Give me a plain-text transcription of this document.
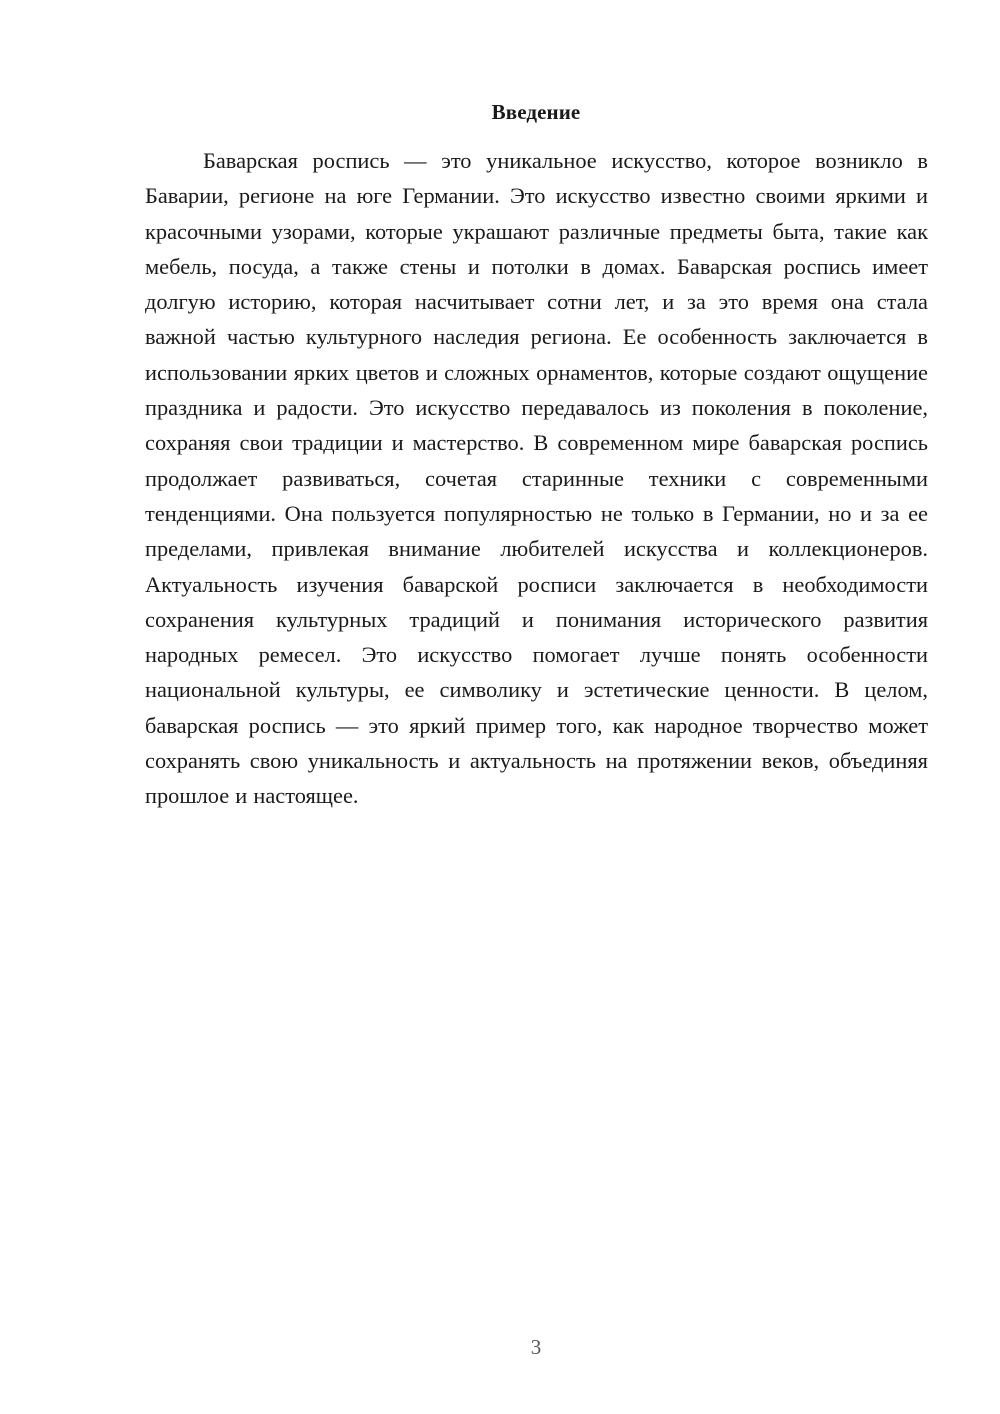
Введение

Баварская роспись — это уникальное искусство, которое возникло в Баварии, регионе на юге Германии. Это искусство известно своими яркими и красочными узорами, которые украшают различные предметы быта, такие как мебель, посуда, а также стены и потолки в домах. Баварская роспись имеет долгую историю, которая насчитывает сотни лет, и за это время она стала важной частью культурного наследия региона. Ее особенность заключается в использовании ярких цветов и сложных орнаментов, которые создают ощущение праздника и радости. Это искусство передавалось из поколения в поколение, сохраняя свои традиции и мастерство. В современном мире баварская роспись продолжает развиваться, сочетая старинные техники с современными тенденциями. Она пользуется популярностью не только в Германии, но и за ее пределами, привлекая внимание любителей искусства и коллекционеров. Актуальность изучения баварской росписи заключается в необходимости сохранения культурных традиций и понимания исторического развития народных ремесел. Это искусство помогает лучше понять особенности национальной культуры, ее символику и эстетические ценности. В целом, баварская роспись — это яркий пример того, как народное творчество может сохранять свою уникальность и актуальность на протяжении веков, объединяя прошлое и настоящее.

3
